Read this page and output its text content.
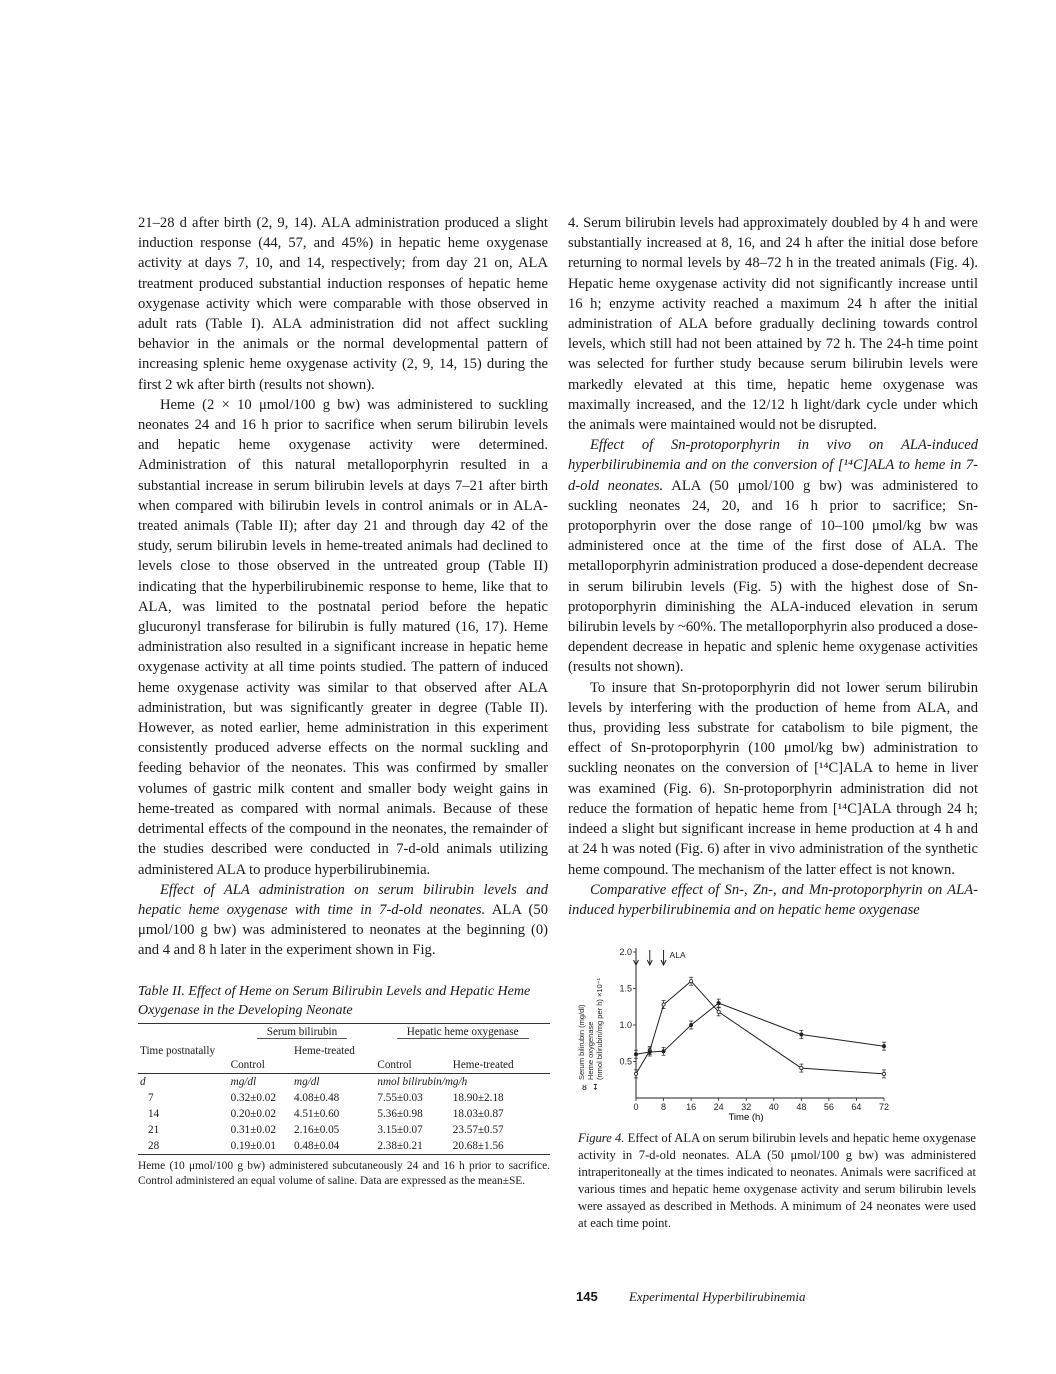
21–28 d after birth (2, 9, 14). ALA administration produced a slight induction response (44, 57, and 45%) in hepatic heme oxygenase activity at days 7, 10, and 14, respectively; from day 21 on, ALA treatment produced substantial induction responses of hepatic heme oxygenase activity which were comparable with those observed in adult rats (Table I). ALA administration did not affect suckling behavior in the animals or the normal developmental pattern of increasing splenic heme oxygenase activity (2, 9, 14, 15) during the first 2 wk after birth (results not shown).

Heme (2 × 10 μmol/100 g bw) was administered to suckling neonates 24 and 16 h prior to sacrifice when serum bilirubin levels and hepatic heme oxygenase activity were determined. Administration of this natural metalloporphyrin resulted in a substantial increase in serum bilirubin levels at days 7–21 after birth when compared with bilirubin levels in control animals or in ALA-treated animals (Table II); after day 21 and through day 42 of the study, serum bilirubin levels in heme-treated animals had declined to levels close to those observed in the untreated group (Table II) indicating that the hyperbilirubinemic response to heme, like that to ALA, was limited to the postnatal period before the hepatic glucuronyl transferase for bilirubin is fully matured (16, 17). Heme administration also resulted in a significant increase in hepatic heme oxygenase activity at all time points studied. The pattern of induced heme oxygenase activity was similar to that observed after ALA administration, but was significantly greater in degree (Table II). However, as noted earlier, heme administration in this experiment consistently produced adverse effects on the normal suckling and feeding behavior of the neonates. This was confirmed by smaller volumes of gastric milk content and smaller body weight gains in heme-treated as compared with normal animals. Because of these detrimental effects of the compound in the neonates, the remainder of the studies described were conducted in 7-d-old animals utilizing administered ALA to produce hyperbilirubinemia.

Effect of ALA administration on serum bilirubin levels and hepatic heme oxygenase with time in 7-d-old neonates. ALA (50 μmol/100 g bw) was administered to neonates at the beginning (0) and 4 and 8 h later in the experiment shown in Fig.

4. Serum bilirubin levels had approximately doubled by 4 h and were substantially increased at 8, 16, and 24 h after the initial dose before returning to normal levels by 48–72 h in the treated animals (Fig. 4). Hepatic heme oxygenase activity did not significantly increase until 16 h; enzyme activity reached a maximum 24 h after the initial administration of ALA before gradually declining towards control levels, which still had not been attained by 72 h. The 24-h time point was selected for further study because serum bilirubin levels were markedly elevated at this time, hepatic heme oxygenase was maximally increased, and the 12/12 h light/dark cycle under which the animals were maintained would not be disrupted.

Effect of Sn-protoporphyrin in vivo on ALA-induced hyperbilirubinemia and on the conversion of [¹⁴C]ALA to heme in 7-d-old neonates. ALA (50 μmol/100 g bw) was administered to suckling neonates 24, 20, and 16 h prior to sacrifice; Sn-protoporphyrin over the dose range of 10–100 μmol/kg bw was administered once at the time of the first dose of ALA. The metalloporphyrin administration produced a dose-dependent decrease in serum bilirubin levels (Fig. 5) with the highest dose of Sn-protoporphyrin diminishing the ALA-induced elevation in serum bilirubin levels by ~60%. The metalloporphyrin also produced a dose-dependent decrease in hepatic and splenic heme oxygenase activities (results not shown).

To insure that Sn-protoporphyrin did not lower serum bilirubin levels by interfering with the production of heme from ALA, and thus, providing less substrate for catabolism to bile pigment, the effect of Sn-protoporphyrin (100 μmol/kg bw) administration to suckling neonates on the conversion of [¹⁴C]ALA to heme in liver was examined (Fig. 6). Sn-protoporphyrin administration did not reduce the formation of hepatic heme from [¹⁴C]ALA through 24 h; indeed a slight but significant increase in heme production at 4 h and at 24 h was noted (Fig. 6) after in vivo administration of the synthetic heme compound. The mechanism of the latter effect is not known.

Comparative effect of Sn-, Zn-, and Mn-protoporphyrin on ALA-induced hyperbilirubinemia and on hepatic heme oxygenase

Table II. Effect of Heme on Serum Bilirubin Levels and Hepatic Heme Oxygenase in the Developing Neonate
	Serum bilirubin		Hepatic heme oxygenase	
Time postnatally	Control	Heme-treated	Control	Heme-treated
d	mg/dl	mg/dl	nmol bilirubin/mg/h	
7	0.32±0.02	4.08±0.48	7.55±0.03	18.90±2.18
14	0.20±0.02	4.51±0.60	5.36±0.98	18.03±0.87
21	0.31±0.02	2.16±0.05	3.15±0.07	23.57±0.57
28	0.19±0.01	0.48±0.04	2.38±0.21	20.68±1.56
Heme (10 μmol/100 g bw) administered subcutaneously 24 and 16 h prior to sacrifice. Control administered an equal volume of saline. Data are expressed as the mean±SE.
Serum bilirubin (mg/dl) Heme oxygenase (nmol bilirubin/mg per h) ×10⁻¹
ȣ ↧
0	8 16 24 32 40 48 56 64 72
0.5
1.0
1.5
2.0	ALA
Time (h)
Figure 4. Effect of ALA on serum bilirubin levels and hepatic heme oxygenase activity in 7-d-old neonates. ALA (50 μmol/100 g bw) was administered intraperitoneally at the times indicated to neonates. Animals were sacrificed at various times and hepatic heme oxygenase activity and serum bilirubin levels were assayed as described in Methods. A minimum of 24 neonates were used at each time point.
145 Experimental Hyperbilirubinemia
